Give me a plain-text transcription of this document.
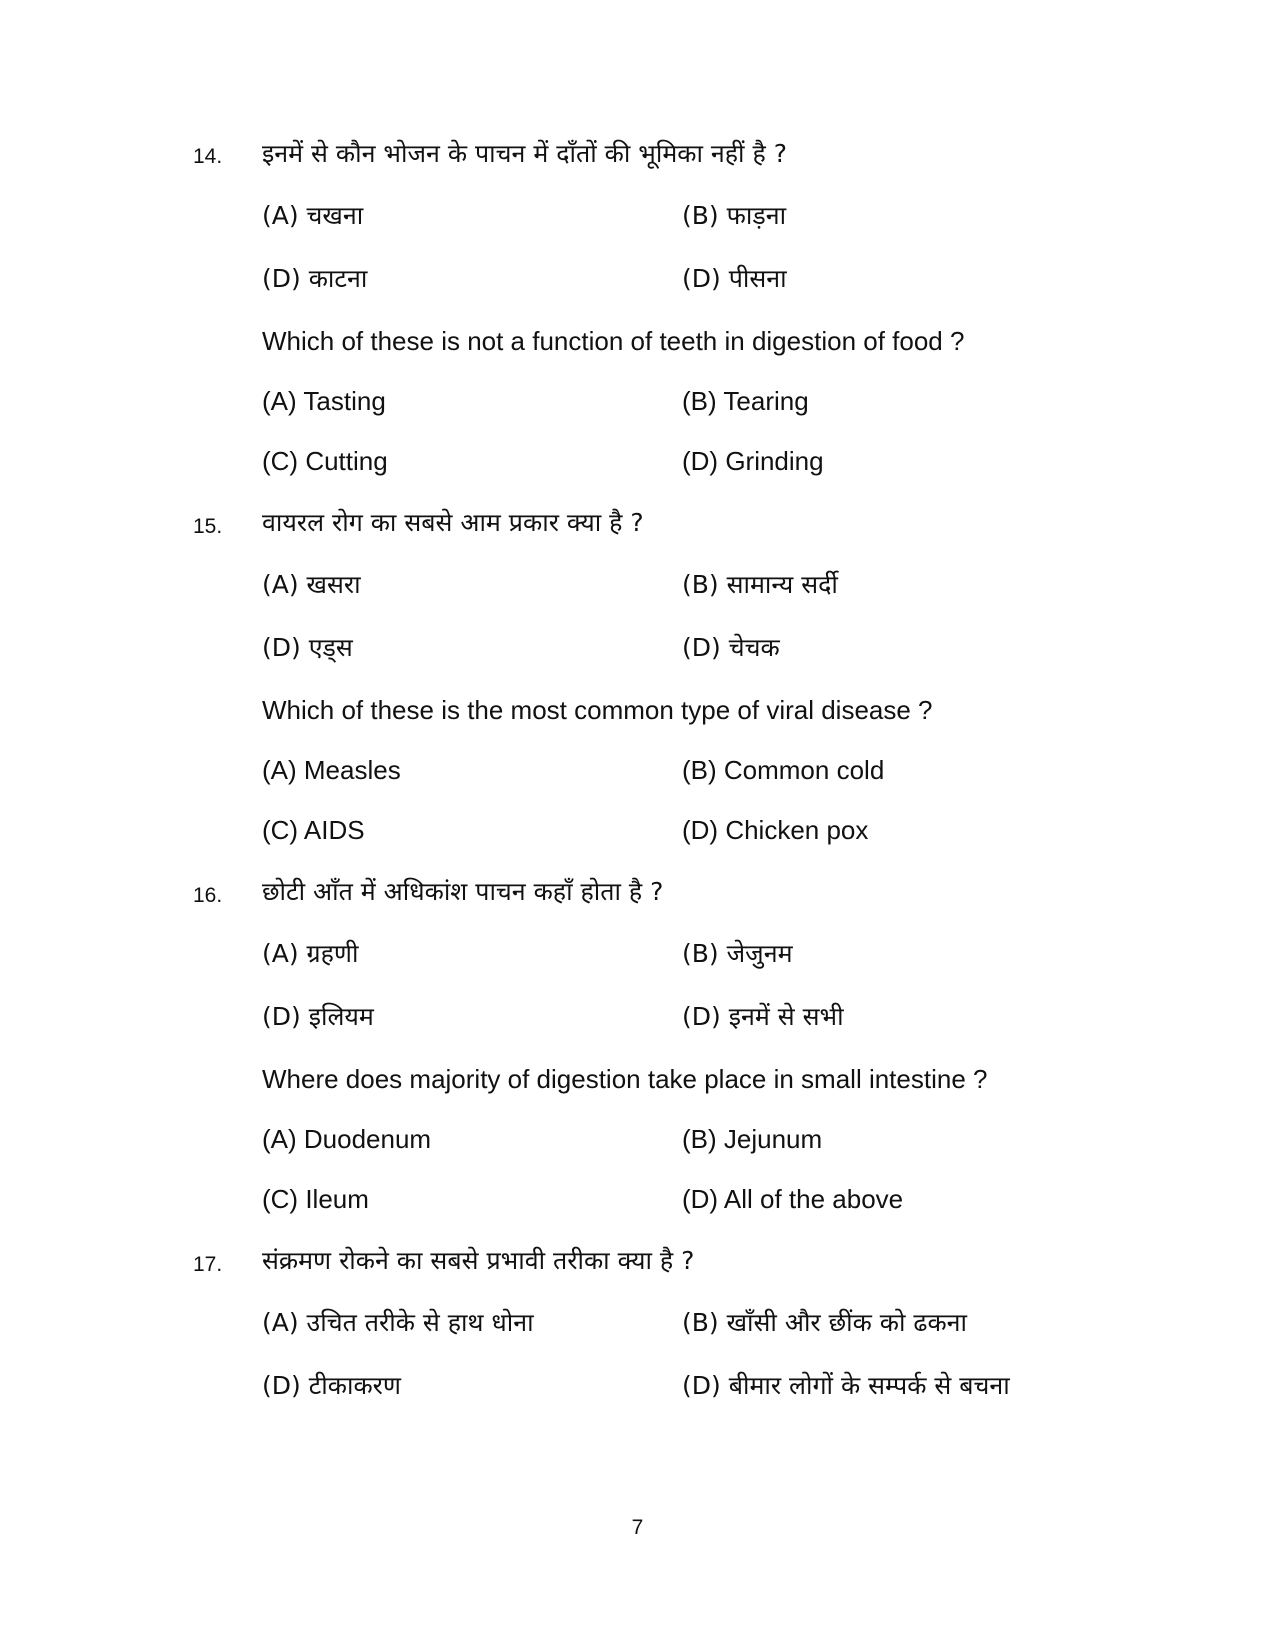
14. इनमें से कौन भोजन के पाचन में दाँतों की भूमिका नहीं है ?
(A) चखना	(B) फाड़ना
(D) काटना	(D) पीसना
Which of these is not a function of teeth in digestion of food ?
(A) Tasting	(B) Tearing
(C) Cutting	(D) Grinding
15. वायरल रोग का सबसे आम प्रकार क्या है ?
(A) खसरा	(B) सामान्य सर्दी
(D) एड्स	(D) चेचक
Which of these is the most common type of viral disease ?
(A) Measles	(B) Common cold
(C) AIDS	(D) Chicken pox
16. छोटी आँत में अधिकांश पाचन कहाँ होता है ?
(A) ग्रहणी	(B) जेजुनम
(D) इलियम	(D) इनमें से सभी
Where does majority of digestion take place in small intestine ?
(A) Duodenum	(B) Jejunum
(C) Ileum	(D) All of the above
17. संक्रमण रोकने का सबसे प्रभावी तरीका क्या है ?
(A) उचित तरीके से हाथ धोना	(B) खाँसी और छींक को ढकना
(D) टीकाकरण	(D) बीमार लोगों के सम्पर्क से बचना
7
